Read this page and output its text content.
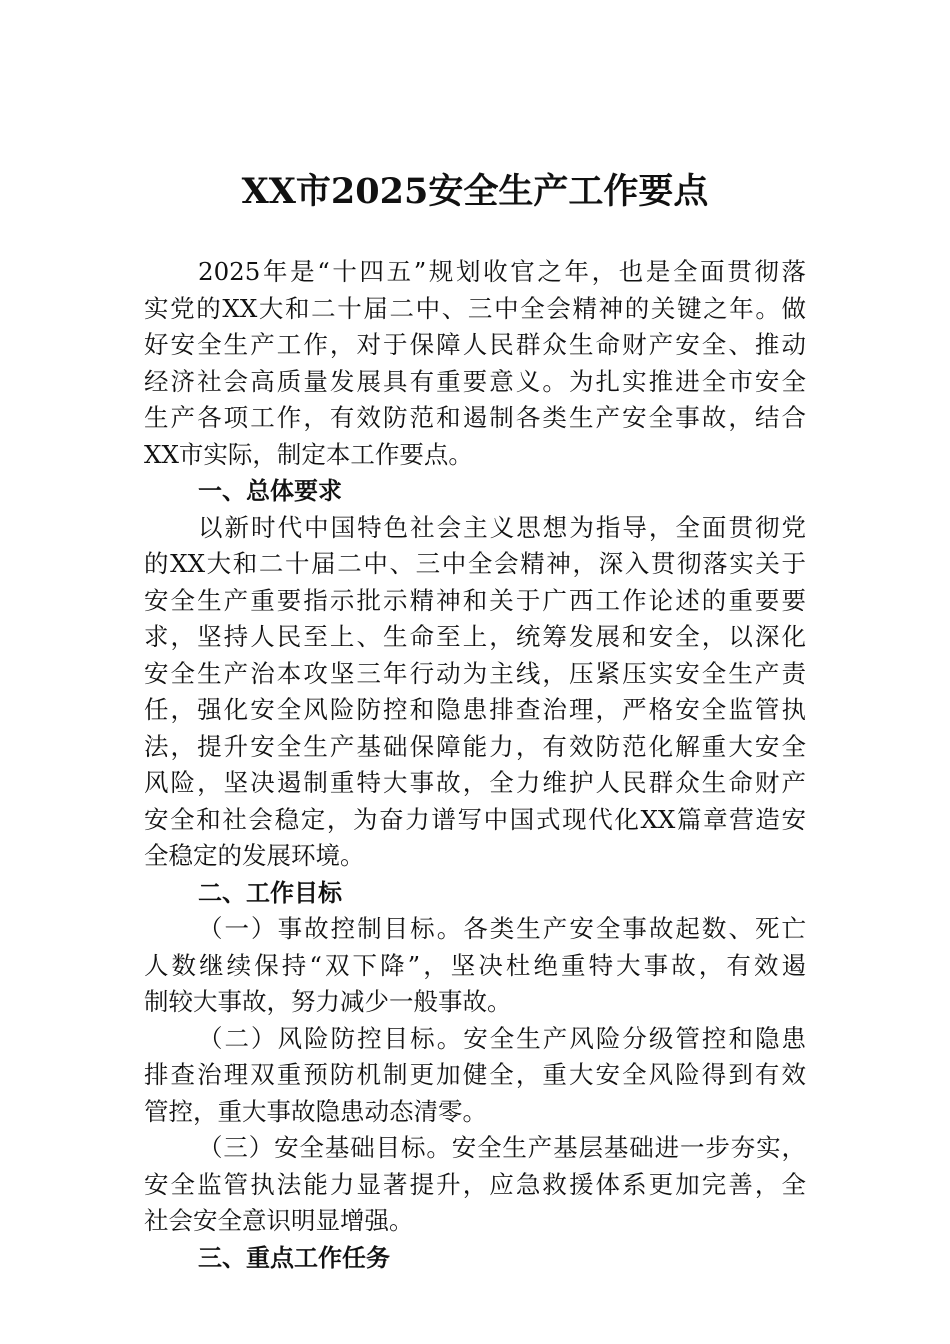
XX市2025安全生产工作要点
2025年是“十四五”规划收官之年，也是全面贯彻落
实党的XX大和二十届二中、三中全会精神的关键之年。做
好安全生产工作，对于保障人民群众生命财产安全、推动
经济社会高质量发展具有重要意义。为扎实推进全市安全
生产各项工作，有效防范和遏制各类生产安全事故，结合
XX市实际，制定本工作要点。
一、总体要求
以新时代中国特色社会主义思想为指导，全面贯彻党
的XX大和二十届二中、三中全会精神，深入贯彻落实关于
安全生产重要指示批示精神和关于广西工作论述的重要要
求，坚持人民至上、生命至上，统筹发展和安全，以深化
安全生产治本攻坚三年行动为主线，压紧压实安全生产责
任，强化安全风险防控和隐患排查治理，严格安全监管执
法，提升安全生产基础保障能力，有效防范化解重大安全
风险，坚决遏制重特大事故，全力维护人民群众生命财产
安全和社会稳定，为奋力谱写中国式现代化XX篇章营造安
全稳定的发展环境。
二、工作目标
（一）事故控制目标。各类生产安全事故起数、死亡
人数继续保持“双下降”，坚决杜绝重特大事故，有效遏
制较大事故，努力减少一般事故。
（二）风险防控目标。安全生产风险分级管控和隐患
排查治理双重预防机制更加健全，重大安全风险得到有效
管控，重大事故隐患动态清零。
（三）安全基础目标。安全生产基层基础进一步夯实，
安全监管执法能力显著提升，应急救援体系更加完善，全
社会安全意识明显增强。
三、重点工作任务
